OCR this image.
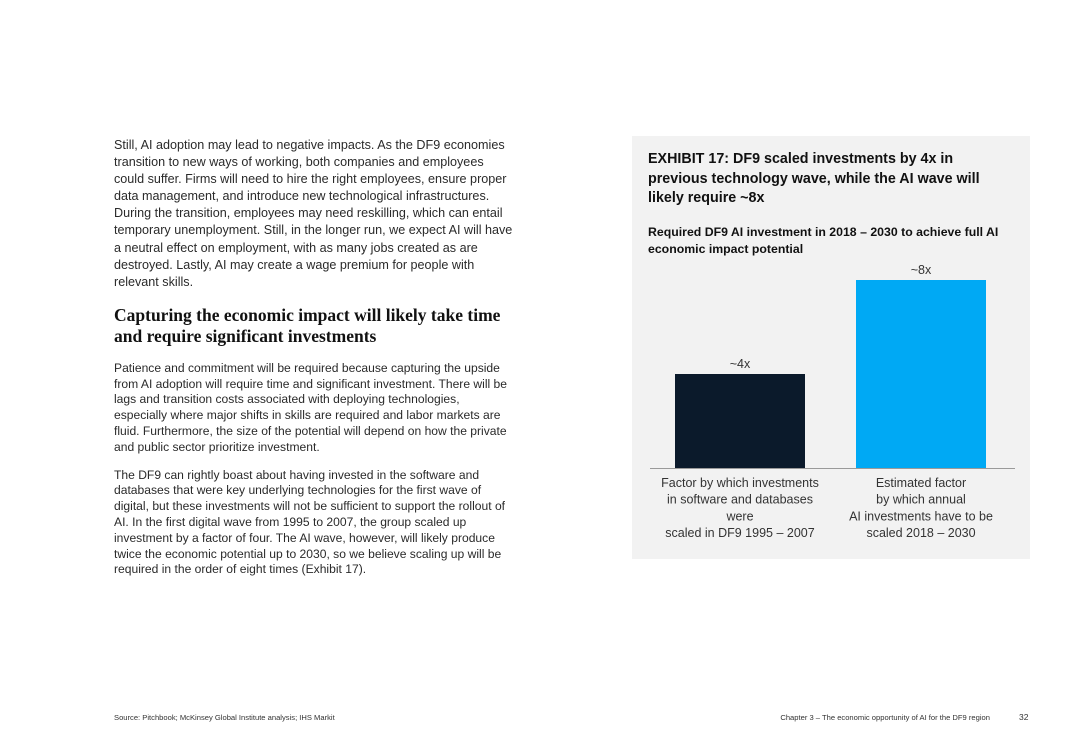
Still, AI adoption may lead to negative impacts. As the DF9 economies transition to new ways of working, both companies and employees could suffer. Firms will need to hire the right employees, ensure proper data management, and introduce new technological infrastructures. During the transition, employees may need reskilling, which can entail temporary unemployment. Still, in the longer run, we expect AI will have a neutral effect on employment, with as many jobs created as are destroyed. Lastly, AI may create a wage premium for people with relevant skills.

Capturing the economic impact will likely take time and require significant investments

Patience and commitment will be required because capturing the upside from AI adoption will require time and significant investment. There will be lags and transition costs associated with deploying technologies, especially where major shifts in skills are required and labor markets are fluid. Furthermore, the size of the potential will depend on how the private and public sector prioritize investment.

The DF9 can rightly boast about having invested in the software and databases that were key underlying technologies for the first wave of digital, but these investments will not be sufficient to support the rollout of AI. In the first digital wave from 1995 to 2007, the group scaled up investment by a factor of four. The AI wave, however, will likely produce twice the economic potential up to 2030, so we believe scaling up will be required in the order of eight times (Exhibit 17).

EXHIBIT 17: DF9 scaled investments by 4x in previous technology wave, while the AI wave will likely require ~8x

Required DF9 AI investment in 2018 – 2030 to achieve full AI economic impact potential

~4x
Factor by which investments in software and databases were scaled in DF9 1995 – 2007
~8x
Estimated factor by which annual AI investments have to be scaled 2018 – 2030
Source: Pitchbook; McKinsey Global Institute analysis; IHS Markit	Chapter 3 – The economic opportunity of AI for the DF9 region	32
